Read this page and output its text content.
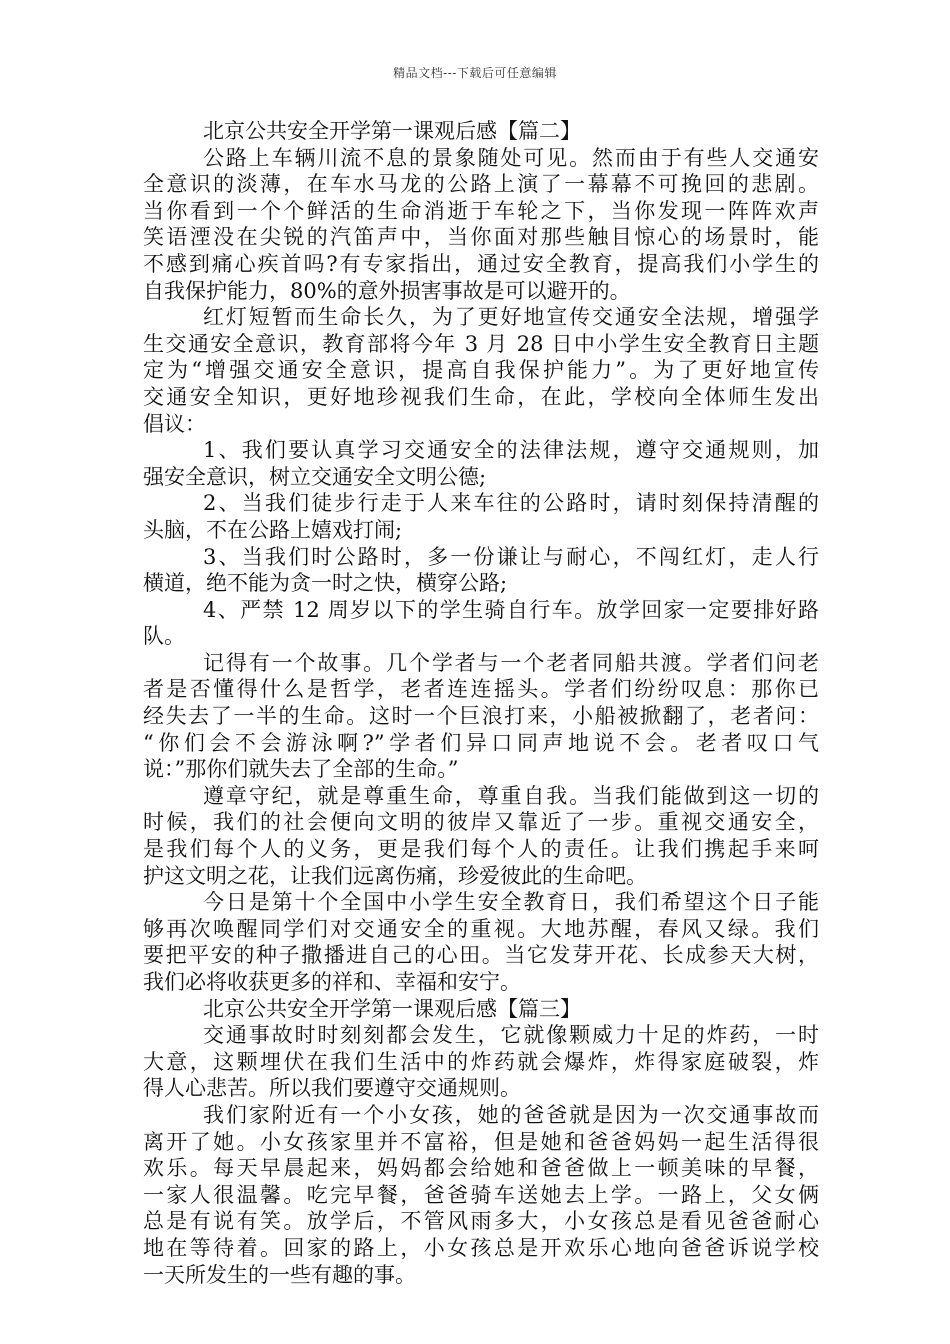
精品文档---下载后可任意编辑
北京公共安全开学第一课观后感【篇二】
公路上车辆川流不息的景象随处可见。然而由于有些人交通安
全意识的淡薄，在车水马龙的公路上演了一幕幕不可挽回的悲剧。
当你看到一个个鲜活的生命消逝于车轮之下，当你发现一阵阵欢声
笑语湮没在尖锐的汽笛声中，当你面对那些触目惊心的场景时，能
不感到痛心疾首吗?有专家指出，通过安全教育，提高我们小学生的
自我保护能力，80%的意外损害事故是可以避开的。
红灯短暂而生命长久，为了更好地宣传交通安全法规，增强学
生交通安全意识，教育部将今年 3 月 28 日中小学生安全教育日主题
定为“增强交通安全意识，提高自我保护能力”。为了更好地宣传
交通安全知识，更好地珍视我们生命，在此，学校向全体师生发出
倡议：
1、我们要认真学习交通安全的法律法规，遵守交通规则，加
强安全意识，树立交通安全文明公德;
2、当我们徒步行走于人来车往的公路时，请时刻保持清醒的
头脑，不在公路上嬉戏打闹;
3、当我们时公路时，多一份谦让与耐心，不闯红灯，走人行
横道，绝不能为贪一时之快，横穿公路;
4、严禁 12 周岁以下的学生骑自行车。放学回家一定要排好路
队。
记得有一个故事。几个学者与一个老者同船共渡。学者们问老
者是否懂得什么是哲学，老者连连摇头。学者们纷纷叹息：那你已
经失去了一半的生命。这时一个巨浪打来，小船被掀翻了，老者问：
“你们会不会游泳啊?”学者们异口同声地说不会。老者叹口气
说：”那你们就失去了全部的生命。”
遵章守纪，就是尊重生命，尊重自我。当我们能做到这一切的
时候，我们的社会便向文明的彼岸又靠近了一步。重视交通安全，
是我们每个人的义务，更是我们每个人的责任。让我们携起手来呵
护这文明之花，让我们远离伤痛，珍爱彼此的生命吧。
今日是第十个全国中小学生安全教育日，我们希望这个日子能
够再次唤醒同学们对交通安全的重视。大地苏醒，春风又绿。我们
要把平安的种子撒播进自己的心田。当它发芽开花、长成参天大树，
我们必将收获更多的祥和、幸福和安宁。
北京公共安全开学第一课观后感【篇三】
交通事故时时刻刻都会发生，它就像颗威力十足的炸药，一时
大意，这颗埋伏在我们生活中的炸药就会爆炸，炸得家庭破裂，炸
得人心悲苦。所以我们要遵守交通规则。
我们家附近有一个小女孩，她的爸爸就是因为一次交通事故而
离开了她。小女孩家里并不富裕，但是她和爸爸妈妈一起生活得很
欢乐。每天早晨起来，妈妈都会给她和爸爸做上一顿美味的早餐，
一家人很温馨。吃完早餐，爸爸骑车送她去上学。一路上，父女俩
总是有说有笑。放学后，不管风雨多大，小女孩总是看见爸爸耐心
地在等待着。回家的路上，小女孩总是开欢乐心地向爸爸诉说学校
一天所发生的一些有趣的事。
